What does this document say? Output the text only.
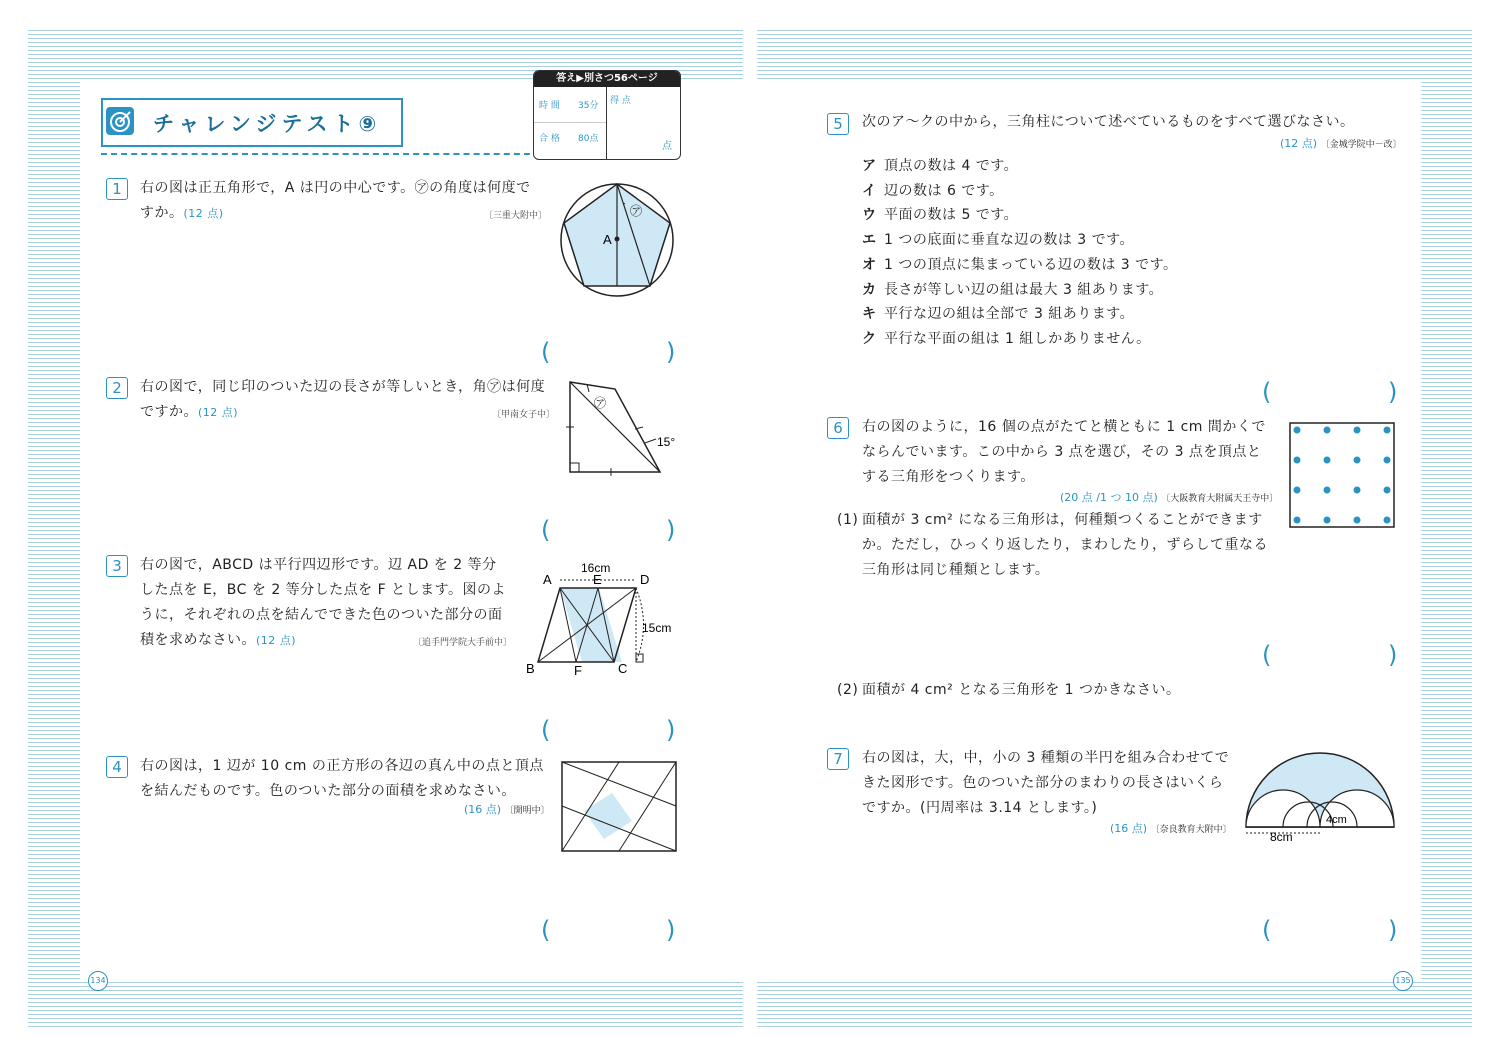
チャレンジテスト⑨
答え▶別さつ56ページ
時 間 35分
合 格 80点
得 点
点
1	右の図は正五角形で，A は円の中心です。㋐の角度は何度ですか。(12 点)	〔三重大附中〕
A
㋐
(	)
2	右の図で，同じ印のついた辺の長さが等しいとき，角㋐は何度ですか。(12 点)	〔甲南女子中〕
㋐
15°
(	)
3	右の図で，ABCD は平行四辺形です。辺 AD を 2 等分した点を E，BC を 2 等分した点を F とします。図のように，それぞれの点を結んでできた色のついた部分の面積を求めなさい。(12 点)	〔追手門学院大手前中〕
A	E	D
B	F	C
16cm
15cm
(	)
4	右の図は，1 辺が 10 cm の正方形の各辺の真ん中の点と頂点を結んだものです。色のついた部分の面積を求めなさい。
(16 点) 〔開明中〕
(	)
5	次のア〜クの中から，三角柱について述べているものをすべて選びなさい。
(12 点) 〔金城学院中－改〕
ア 頂点の数は 4 です。
イ 辺の数は 6 です。
ウ 平面の数は 5 です。
エ 1 つの底面に垂直な辺の数は 3 です。
オ 1 つの頂点に集まっている辺の数は 3 です。
カ 長さが等しい辺の組は最大 3 組あります。
キ 平行な辺の組は全部で 3 組あります。
ク 平行な平面の組は 1 組しかありません。
(	)
6	右の図のように，16 個の点がたてと横ともに 1 cm 間かくでならんでいます。この中から 3 点を選び，その 3 点を頂点とする三角形をつくります。
(20 点 /1 つ 10 点) 〔大阪教育大附属天王寺中〕
(1) 面積が 3 cm² になる三角形は，何種類つくることができますか。ただし，ひっくり返したり，まわしたり，ずらして重なる三角形は同じ種類とします。
(	)
(2) 面積が 4 cm² となる三角形を 1 つかきなさい。
7	右の図は，大，中，小の 3 種類の半円を組み合わせてできた図形です。色のついた部分のまわりの長さはいくらですか。(円周率は 3.14 とします。)
(16 点) 〔奈良教育大附中〕
4cm
8cm
(	)
134	135
